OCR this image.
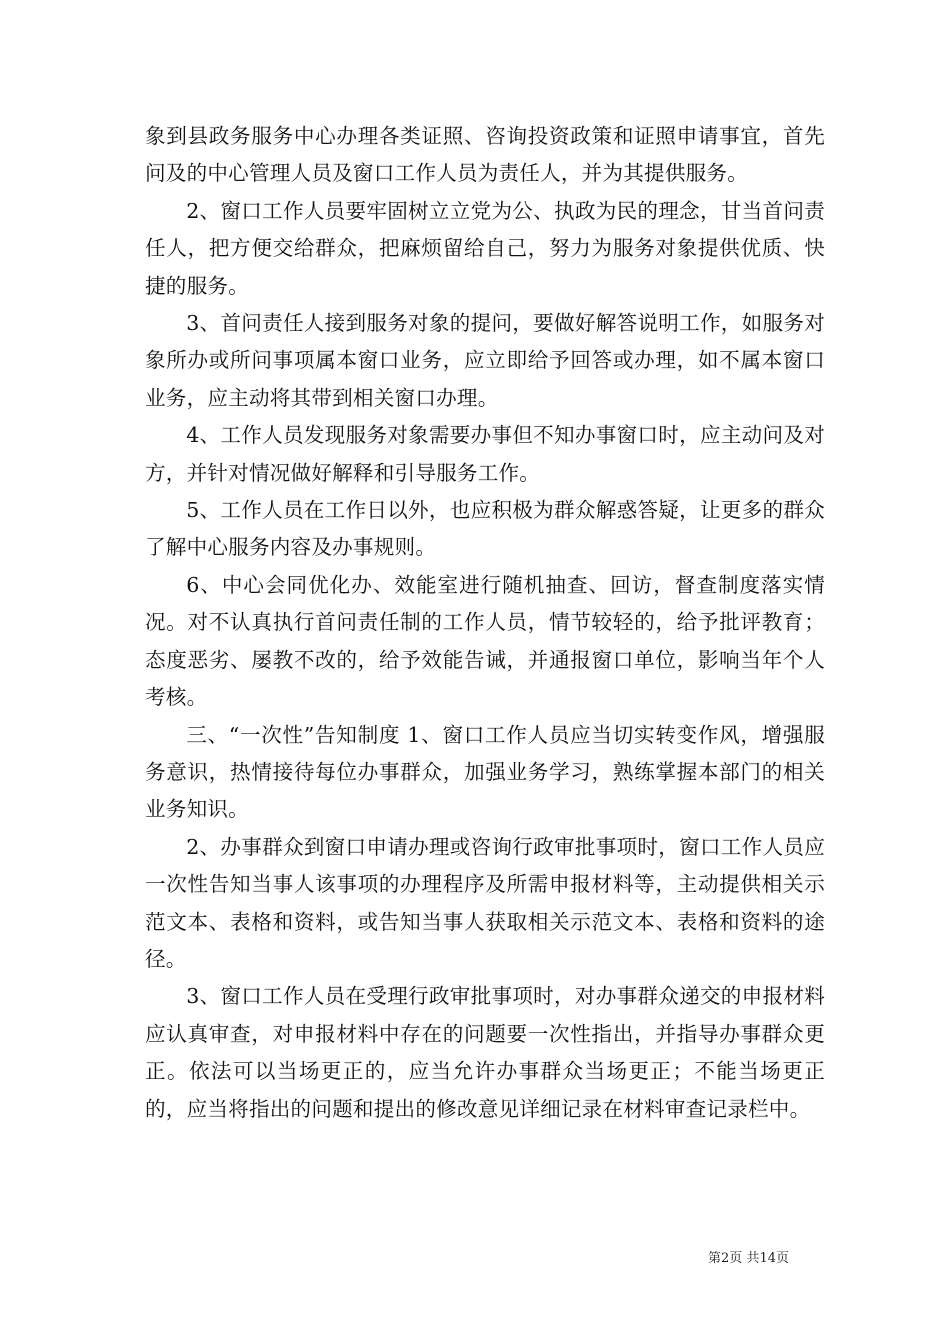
象到县政务服务中心办理各类证照、咨询投资政策和证照申请事宜，首先问及的中心管理人员及窗口工作人员为责任人，并为其提供服务。

2、窗口工作人员要牢固树立立党为公、执政为民的理念，甘当首问责任人，把方便交给群众，把麻烦留给自己，努力为服务对象提供优质、快捷的服务。

3、首问责任人接到服务对象的提问，要做好解答说明工作，如服务对象所办或所问事项属本窗口业务，应立即给予回答或办理，如不属本窗口业务，应主动将其带到相关窗口办理。

4、工作人员发现服务对象需要办事但不知办事窗口时，应主动问及对方，并针对情况做好解释和引导服务工作。

5、工作人员在工作日以外，也应积极为群众解惑答疑，让更多的群众了解中心服务内容及办事规则。

6、中心会同优化办、效能室进行随机抽查、回访，督查制度落实情况。对不认真执行首问责任制的工作人员，情节较轻的，给予批评教育；态度恶劣、屡教不改的，给予效能告诫，并通报窗口单位，影响当年个人考核。

三、“一次性”告知制度 1、窗口工作人员应当切实转变作风，增强服务意识，热情接待每位办事群众，加强业务学习，熟练掌握本部门的相关业务知识。

2、办事群众到窗口申请办理或咨询行政审批事项时，窗口工作人员应一次性告知当事人该事项的办理程序及所需申报材料等，主动提供相关示范文本、表格和资料，或告知当事人获取相关示范文本、表格和资料的途径。

3、窗口工作人员在受理行政审批事项时，对办事群众递交的申报材料应认真审查，对申报材料中存在的问题要一次性指出，并指导办事群众更正。依法可以当场更正的，应当允许办事群众当场更正；不能当场更正的，应当将指出的问题和提出的修改意见详细记录在材料审查记录栏中。

第2页 共14页
